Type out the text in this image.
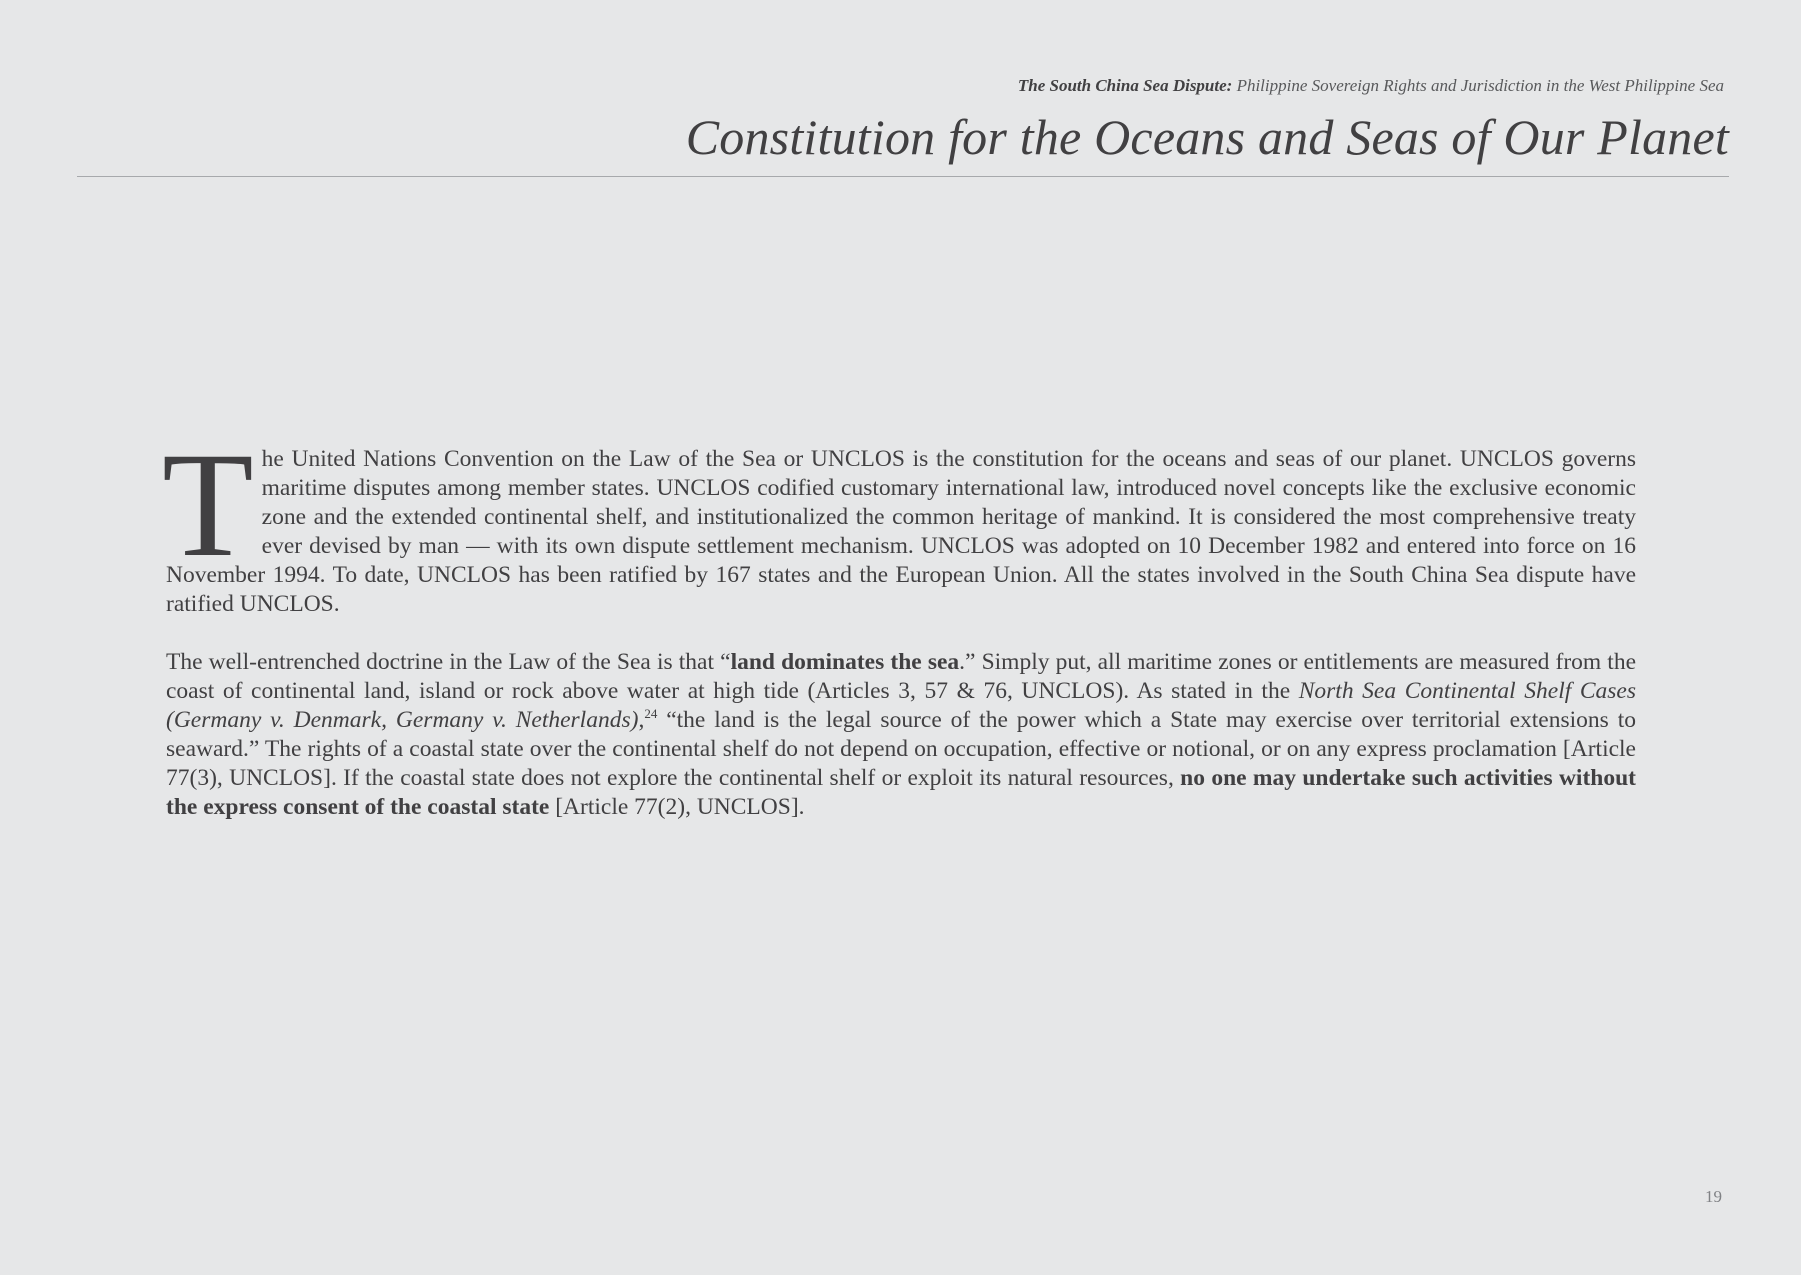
The South China Sea Dispute: Philippine Sovereign Rights and Jurisdiction in the West Philippine Sea
Constitution for the Oceans and Seas of Our Planet

The United Nations Convention on the Law of the Sea or UNCLOS is the constitution for the oceans and seas of our planet. UNCLOS governs maritime disputes among member states. UNCLOS codified customary international law, introduced novel concepts like the exclusive economic zone and the extended continental shelf, and institutionalized the common heritage of mankind. It is considered the most comprehensive treaty ever devised by man — with its own dispute settlement mechanism. UNCLOS was adopted on 10 December 1982 and entered into force on 16 November 1994. To date, UNCLOS has been ratified by 167 states and the European Union. All the states involved in the South China Sea dispute have ratified UNCLOS.

The well-entrenched doctrine in the Law of the Sea is that “land dominates the sea.” Simply put, all maritime zones or entitlements are measured from the coast of continental land, island or rock above water at high tide (Articles 3, 57 & 76, UNCLOS). As stated in the North Sea Continental Shelf Cases (Germany v. Denmark, Germany v. Netherlands),$^{24}$ “the land is the legal source of the power which a State may exercise over territorial extensions to seaward.” The rights of a coastal state over the continental shelf do not depend on occupation, effective or notional, or on any express proclamation [Article 77(3), UNCLOS]. If the coastal state does not explore the continental shelf or exploit its natural resources, no one may undertake such activities without the express consent of the coastal state [Article 77(2), UNCLOS].

19
